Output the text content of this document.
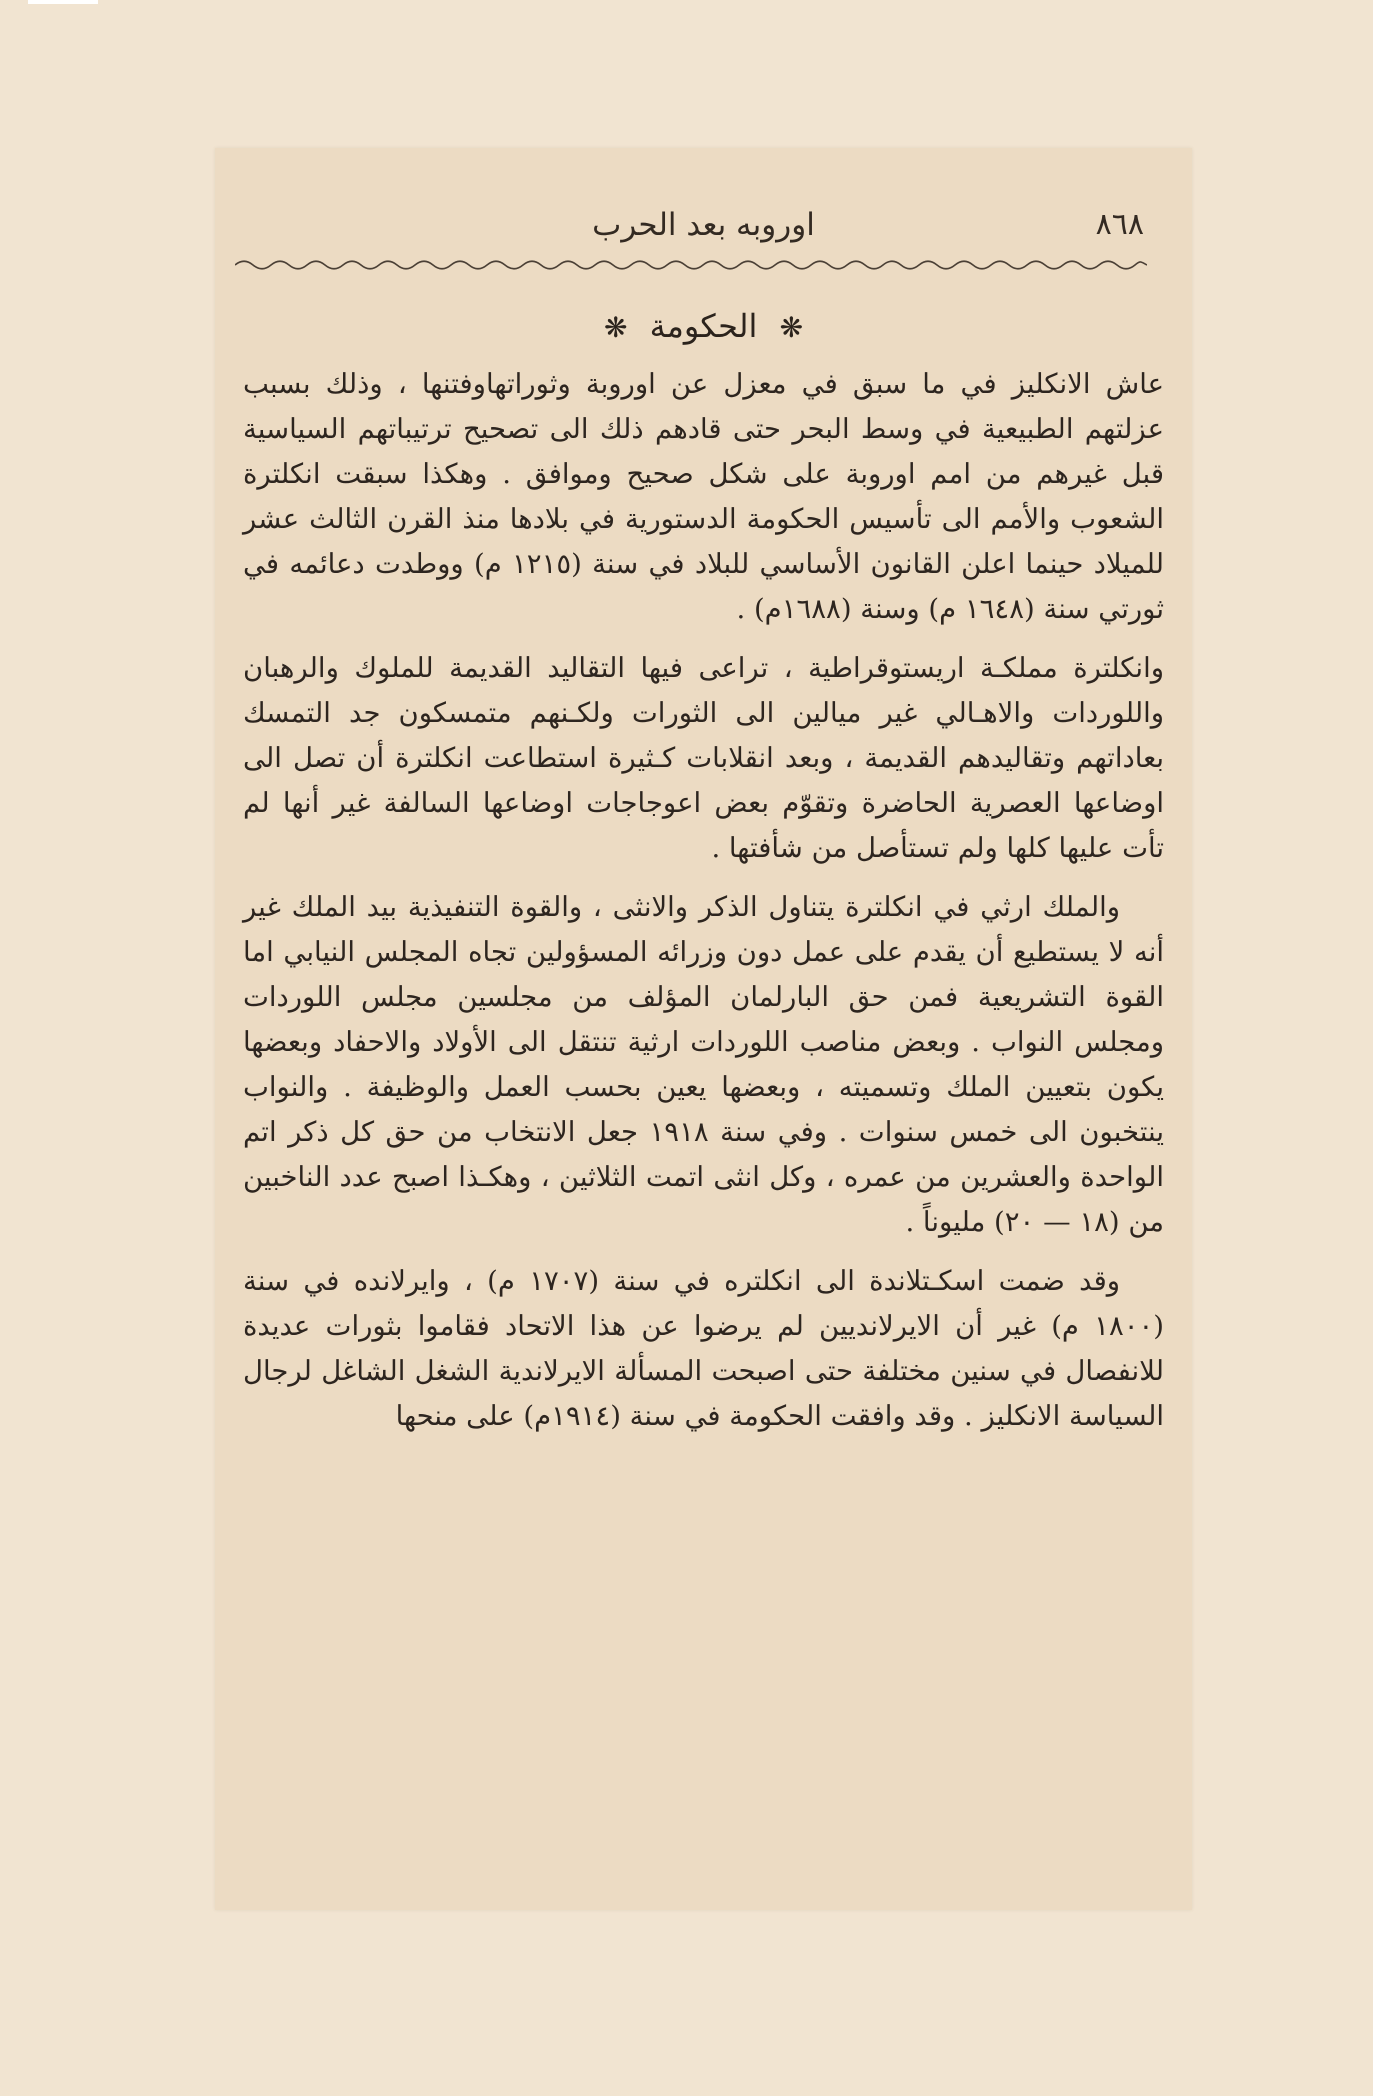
٨٦٨
اوروبه بعد الحرب
❋ الحكومة ❋

عاش الانكليز في ما سبق في معزل عن اوروبة وثوراتهاوفتنها ، وذلك بسبب عزلتهم الطبيعية في وسط البحر حتى قادهم ذلك الى تصحيح ترتيباتهم السياسية قبل غيرهم من امم اوروبة على شكل صحيح وموافق . وهكذا سبقت انكلترة الشعوب والأمم الى تأسيس الحكومة الدستورية في بلادها منذ القرن الثالث عشر للميلاد حينما اعلن القانون الأساسي للبلاد في سنة (١٢١٥ م) ووطدت دعائمه في ثورتي سنة (١٦٤٨ م) وسنة (١٦٨٨م) .

وانكلترة مملكـة اريستوقراطية ، تراعى فيها التقاليد القديمة للملوك والرهبان واللوردات والاهـالي غير ميالين الى الثورات ولكـنهم متمسكون جد التمسك بعاداتهم وتقاليدهم القديمة ، وبعد انقلابات كـثيرة استطاعت انكلترة أن تصل الى اوضاعها العصرية الحاضرة وتقوّم بعض اعوجاجات اوضاعها السالفة غير أنها لم تأت عليها كلها ولم تستأصل من شأفتها .

والملك ارثي في انكلترة يتناول الذكر والانثى ، والقوة التنفيذية بيد الملك غير أنه لا يستطيع أن يقدم على عمل دون وزرائه المسؤولين تجاه المجلس النيابي اما القوة التشريعية فمن حق البارلمان المؤلف من مجلسين مجلس اللوردات ومجلس النواب . وبعض مناصب اللوردات ارثية تنتقل الى الأولاد والاحفاد وبعضها يكون بتعيين الملك وتسميته ، وبعضها يعين بحسب العمل والوظيفة . والنواب ينتخبون الى خمس سنوات . وفي سنة ١٩١٨ جعل الانتخاب من حق كل ذكر اتم الواحدة والعشرين من عمره ، وكل انثى اتمت الثلاثين ، وهكـذا اصبح عدد الناخبين من (١٨ — ٢٠) مليوناً .

وقد ضمت اسكـتلاندة الى انكلتره في سنة (١٧٠٧ م) ، وايرلانده في سنة (١٨٠٠ م) غير أن الايرلانديين لم يرضوا عن هذا الاتحاد فقاموا بثورات عديدة للانفصال في سنين مختلفة حتى اصبحت المسألة الايرلاندية الشغل الشاغل لرجال السياسة الانكليز . وقد وافقت الحكومة في سنة (١٩١٤م) على منحها
